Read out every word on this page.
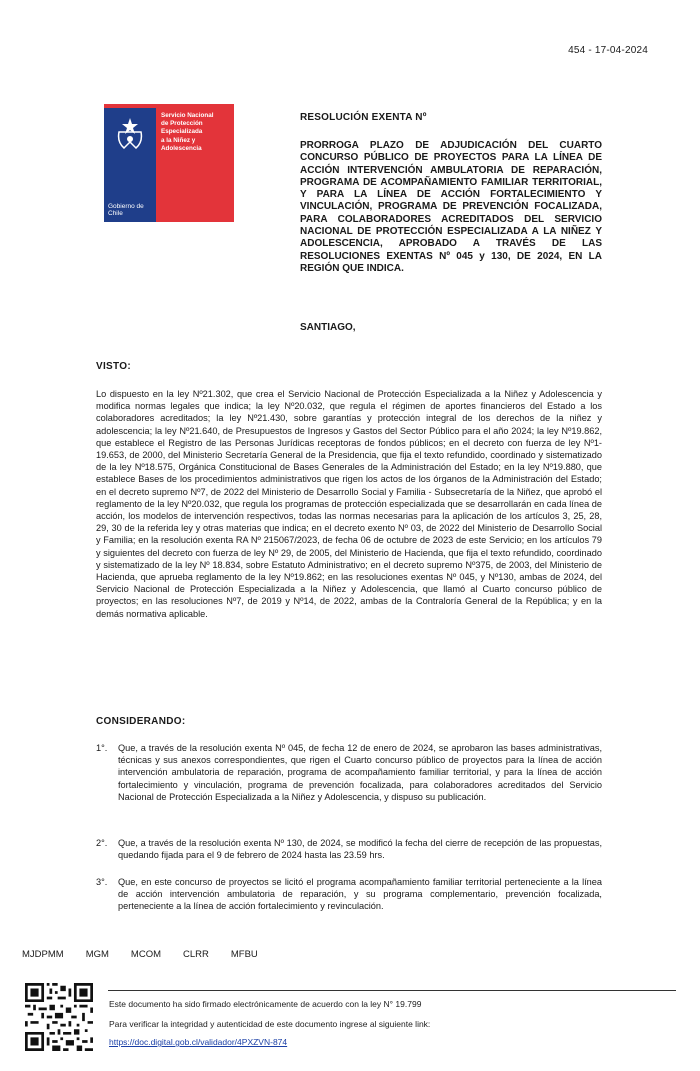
454 - 17-04-2024
Gobierno de Chile
Servicio Nacional
de Protección
Especializada
a la Niñez y
Adolescencia
RESOLUCIÓN EXENTA Nº
PRORROGA PLAZO DE ADJUDICACIÓN DEL CUARTO CONCURSO PÚBLICO DE PROYECTOS PARA LA LÍNEA DE ACCIÓN INTERVENCIÓN AMBULATORIA DE REPARACIÓN, PROGRAMA DE ACOMPAÑAMIENTO FAMILIAR TERRITORIAL, Y PARA LA LÍNEA DE ACCIÓN FORTALECIMIENTO Y VINCULACIÓN, PROGRAMA DE PREVENCIÓN FOCALIZADA, PARA COLABORADORES ACREDITADOS DEL SERVICIO NACIONAL DE PROTECCIÓN ESPECIALIZADA A LA NIÑEZ Y ADOLESCENCIA, APROBADO A TRAVÉS DE LAS RESOLUCIONES EXENTAS Nº 045 y 130, DE 2024, EN LA REGIÓN QUE INDICA.
SANTIAGO,
VISTO:
Lo dispuesto en la ley Nº21.302, que crea el Servicio Nacional de Protección Especializada a la Niñez y Adolescencia y modifica normas legales que indica; la ley Nº20.032, que regula el régimen de aportes financieros del Estado a los colaboradores acreditados; la ley Nº21.430, sobre garantías y protección integral de los derechos de la niñez y adolescencia; la ley Nº21.640, de Presupuestos de Ingresos y Gastos del Sector Público para el año 2024; la ley Nº19.862, que establece el Registro de las Personas Jurídicas receptoras de fondos públicos; en el decreto con fuerza de ley Nº1-19.653, de 2000, del Ministerio Secretaría General de la Presidencia, que fija el texto refundido, coordinado y sistematizado de la ley Nº18.575, Orgánica Constitucional de Bases Generales de la Administración del Estado; en la ley Nº19.880, que establece Bases de los procedimientos administrativos que rigen los actos de los órganos de la Administración del Estado; en el decreto supremo Nº7, de 2022 del Ministerio de Desarrollo Social y Familia - Subsecretaría de la Niñez, que aprobó el reglamento de la ley Nº20.032, que regula los programas de protección especializada que se desarrollarán en cada línea de acción, los modelos de intervención respectivos, todas las normas necesarias para la aplicación de los artículos 3, 25, 28, 29, 30 de la referida ley y otras materias que indica; en el decreto exento Nº 03, de 2022 del Ministerio de Desarrollo Social y Familia; en la resolución exenta RA Nº 215067/2023, de fecha 06 de octubre de 2023 de este Servicio; en los artículos 79 y siguientes del decreto con fuerza de ley Nº 29, de 2005, del Ministerio de Hacienda, que fija el texto refundido, coordinado y sistematizado de la ley Nº 18.834, sobre Estatuto Administrativo; en el decreto supremo Nº375, de 2003, del Ministerio de Hacienda, que aprueba reglamento de la ley Nº19.862; en las resoluciones exentas Nº 045, y Nº130, ambas de 2024, del Servicio Nacional de Protección Especializada a la Niñez y Adolescencia, que llamó al Cuarto concurso público de proyectos; en las resoluciones Nº7, de 2019 y Nº14, de 2022, ambas de la Contraloría General de la República; y en la demás normativa aplicable.
CONSIDERANDO:
1°.	Que, a través de la resolución exenta Nº 045, de fecha 12 de enero de 2024, se aprobaron las bases administrativas, técnicas y sus anexos correspondientes, que rigen el Cuarto concurso público de proyectos para la línea de acción intervención ambulatoria de reparación, programa de acompañamiento familiar territorial, y para la línea de acción fortalecimiento y vinculación, programa de prevención focalizada, para colaboradores acreditados del Servicio Nacional de Protección Especializada a la Niñez y Adolescencia, y dispuso su publicación.
2°.	Que, a través de la resolución exenta Nº 130, de 2024, se modificó la fecha del cierre de recepción de las propuestas, quedando fijada para el 9 de febrero de 2024 hasta las 23.59 hrs.
3°.	Que, en este concurso de proyectos se licitó el programa acompañamiento familiar territorial perteneciente a la línea de acción intervención ambulatoria de reparación, y su programa complementario, prevención focalizada, perteneciente a la línea de acción fortalecimiento y revinculación.
MJDPMM MGM MCOM CLRR MFBU
Este documento ha sido firmado electrónicamente de acuerdo con la ley N° 19.799
Para verificar la integridad y autenticidad de este documento ingrese al siguiente link:
https://doc.digital.gob.cl/validador/4PXZVN-874
